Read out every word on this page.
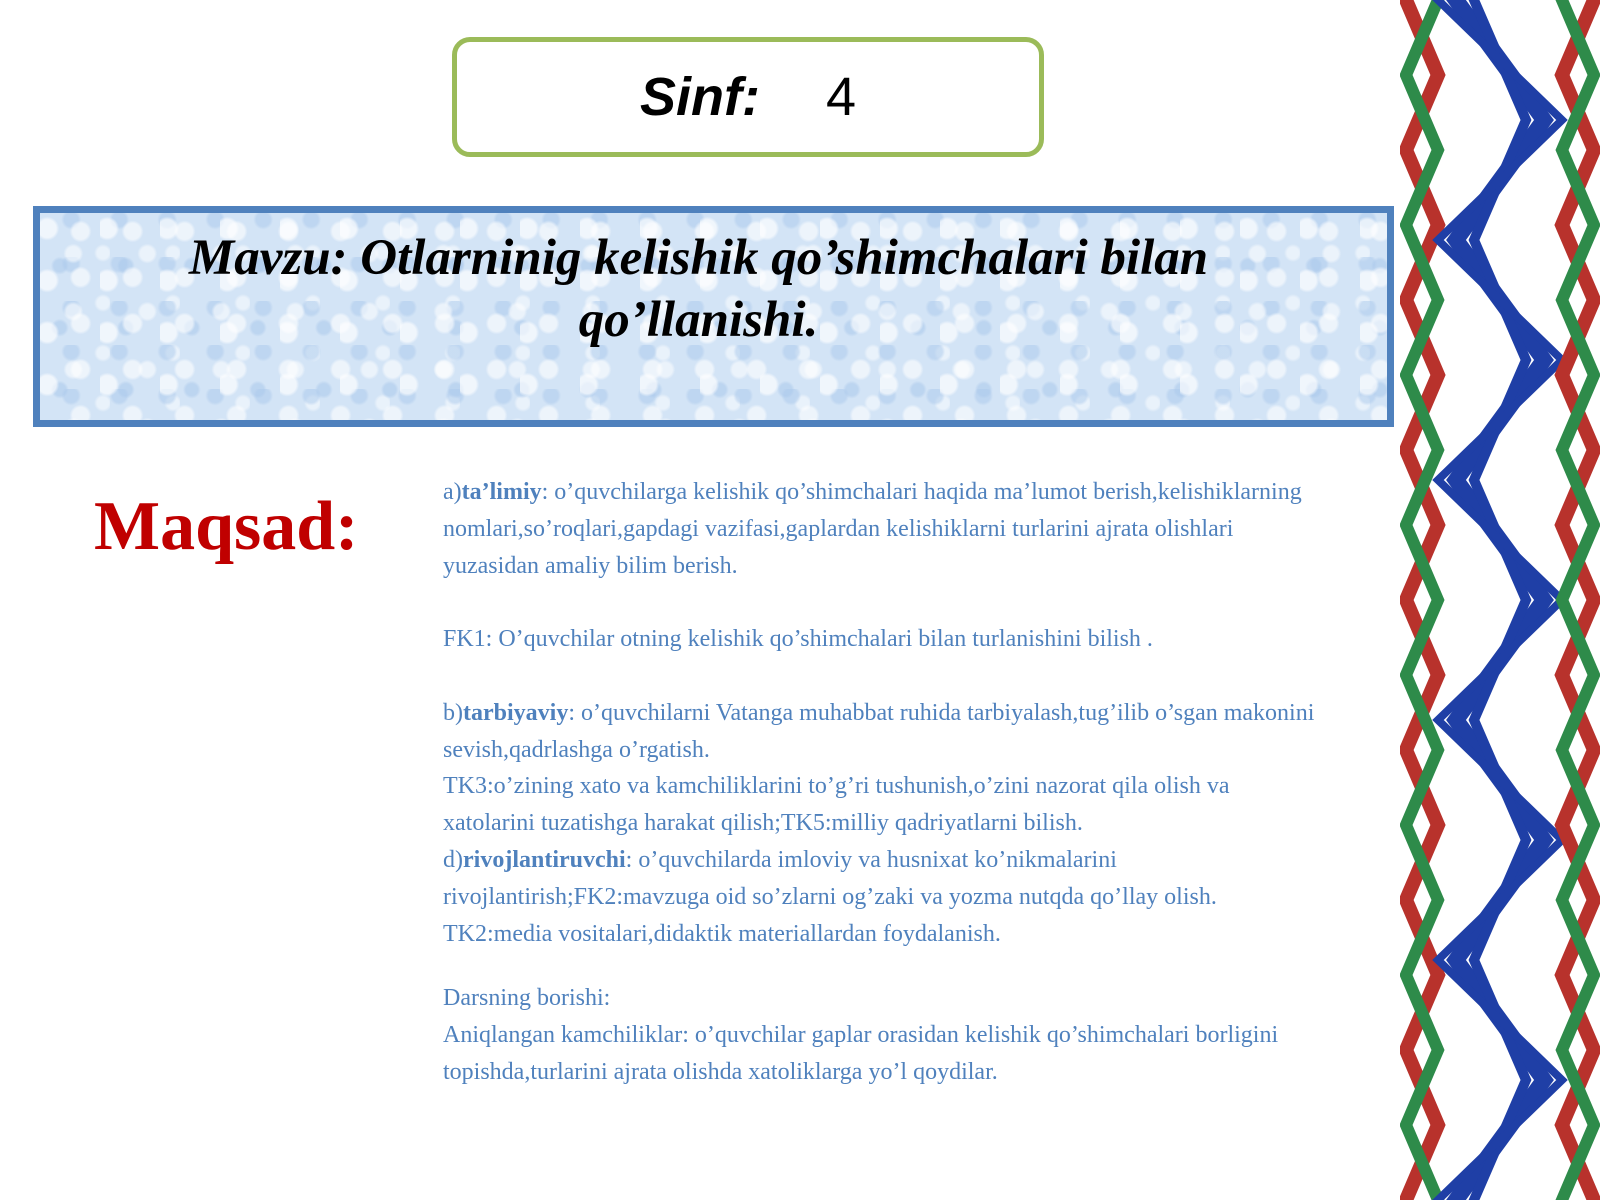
Sinf: 4
Mavzu: Otlarninig kelishik qo’shimchalari bilan
qo’llanishi.
Maqsad:	a)ta’limiy: o’quvchilarga kelishik qo’shimchalari haqida ma’lumot berish,kelishiklarning nomlari,so’roqlari,gapdagi vazifasi,gaplardan kelishiklarni turlarini ajrata olishlari yuzasidan amaliy bilim berish.

FK1: O’quvchilar otning kelishik qo’shimchalari bilan turlanishini bilish .

b)tarbiyaviy: o’quvchilarni Vatanga muhabbat ruhida tarbiyalash,tug’ilib o’sgan makonini sevish,qadrlashga o’rgatish.

TK3:o’zining xato va kamchiliklarini to’g’ri tushunish,o’zini nazorat qila olish va xatolarini tuzatishga harakat qilish;TK5:milliy qadriyatlarni bilish.

d)rivojlantiruvchi: o’quvchilarda imloviy va husnixat ko’nikmalarini rivojlantirish;FK2:mavzuga oid so’zlarni og’zaki va yozma nutqda qo’llay olish. TK2:media vositalari,didaktik materiallardan foydalanish.

Darsning borishi:

Aniqlangan kamchiliklar: o’quvchilar gaplar orasidan kelishik qo’shimchalari borligini topishda,turlarini ajrata olishda xatoliklarga yo’l qoydilar.
